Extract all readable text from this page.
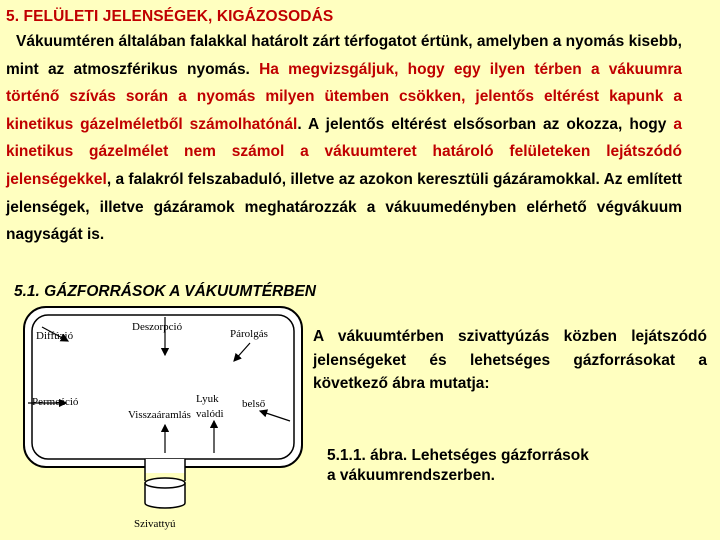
5. FELÜLETI JELENSÉGEK, KIGÁZOSODÁS
Vákuumtéren általában falakkal határolt zárt térfogatot értünk, amelyben a nyomás kisebb, mint az atmoszférikus nyomás. Ha megvizsgáljuk, hogy egy ilyen térben a vákuumra történő szívás során a nyomás milyen ütemben csökken, jelentős eltérést kapunk a kinetikus gázelméletből számolhatónál. A jelentős eltérést elsősorban az okozza, hogy a kinetikus gázelmélet nem számol a vákuumteret határoló felületeken lejátszódó jelenségekkel, a falakról felszabaduló, illetve az azokon keresztüli gázáramokkal. Az említett jelenségek, illetve gázáramok meghatározzák a vákuumedényben elérhető végvákuum nagyságát is.
5.1. GÁZFORRÁSOK A VÁKUUMTÉRBEN
Szivattyú
Diffúzió
Deszorpció
Párolgás
Permeáció
Visszaáramlás
Lyuk
valódi
belső
A vákuumtérben szivattyúzás közben lejátszódó jelenségeket és lehetséges gázforrásokat a következő ábra mutatja:
5.1.1. ábra. Lehetséges gázforrások
a vákuumrendszerben.
